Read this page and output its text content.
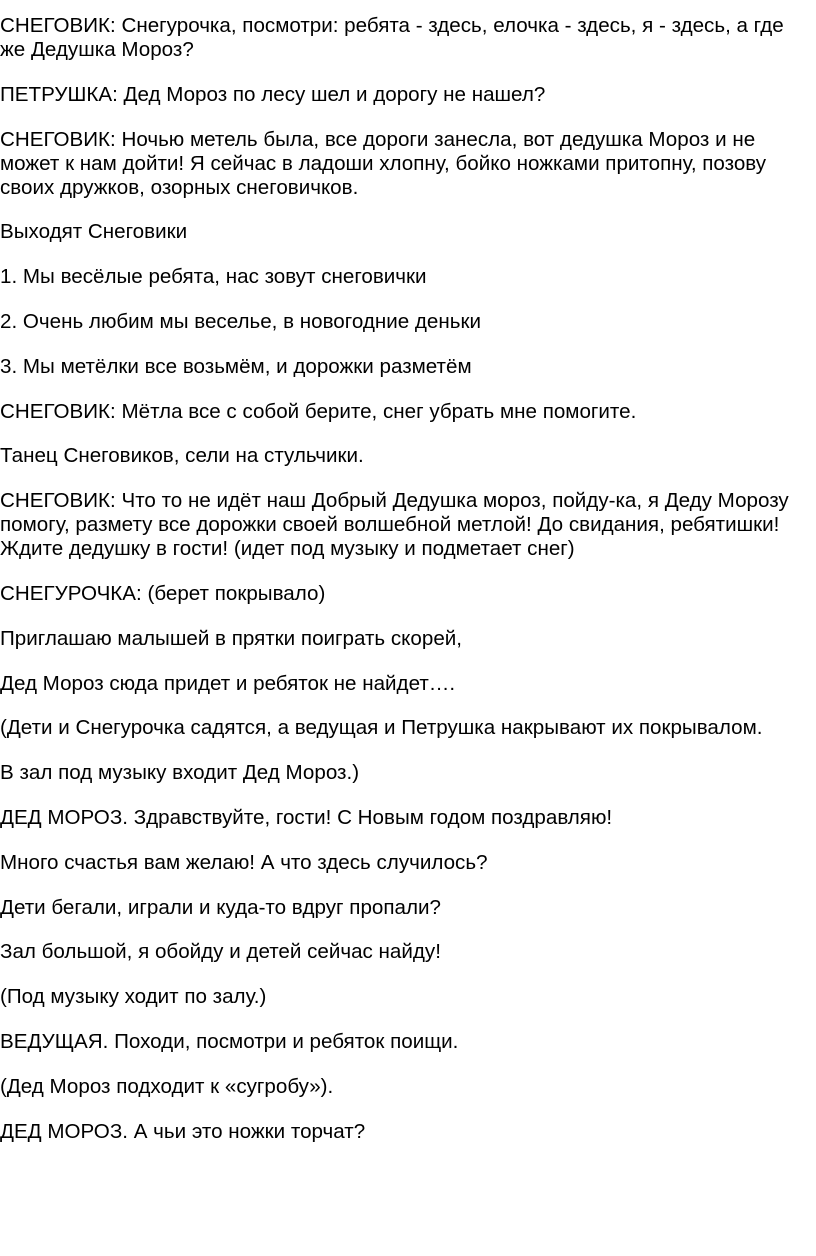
СНЕГОВИК: Снегурочка, посмотри: ребята - здесь, елочка - здесь, я - здесь, а где же Дедушка Мороз?

ПЕТРУШКА: Дед Мороз по лесу шел и дорогу не нашел?

СНЕГОВИК: Ночью метель была, все дороги занесла, вот дедушка Мороз и не может к нам дойти! Я сейчас в ладоши хлопну, бойко ножками притопну, позову своих дружков, озорных снеговичков.

Выходят Снеговики

1. Мы весёлые ребята, нас зовут снеговички

2. Очень любим мы веселье, в новогодние деньки

3. Мы метёлки все возьмём, и дорожки разметём

СНЕГОВИК: Мётла все с собой берите, снег убрать мне помогите.

Танец Снеговиков, сели на стульчики.

СНЕГОВИК: Что то не идёт наш Добрый Дедушка мороз, пойду-ка, я Деду Морозу помогу, размету все дорожки своей волшебной метлой! До свидания, ребятишки! Ждите дедушку в гости! (идет под музыку и подметает снег)

СНЕГУРОЧКА: (берет покрывало)

Приглашаю малышей в прятки поиграть скорей,

Дед Мороз сюда придет и ребяток не найдет….

(Дети и Снегурочка садятся, а ведущая и Петрушка накрывают их покрывалом.

В зал под музыку входит Дед Мороз.)

ДЕД МОРОЗ. Здравствуйте, гости! С Новым годом поздравляю!

Много счастья вам желаю! А что здесь случилось?

Дети бегали, играли и куда-то вдруг пропали?

Зал большой, я обойду и детей сейчас найду!

(Под музыку ходит по залу.)

ВЕДУЩАЯ. Походи, посмотри и ребяток поищи.

(Дед Мороз подходит к «сугробу»).

ДЕД МОРОЗ. А чьи это ножки торчат?
